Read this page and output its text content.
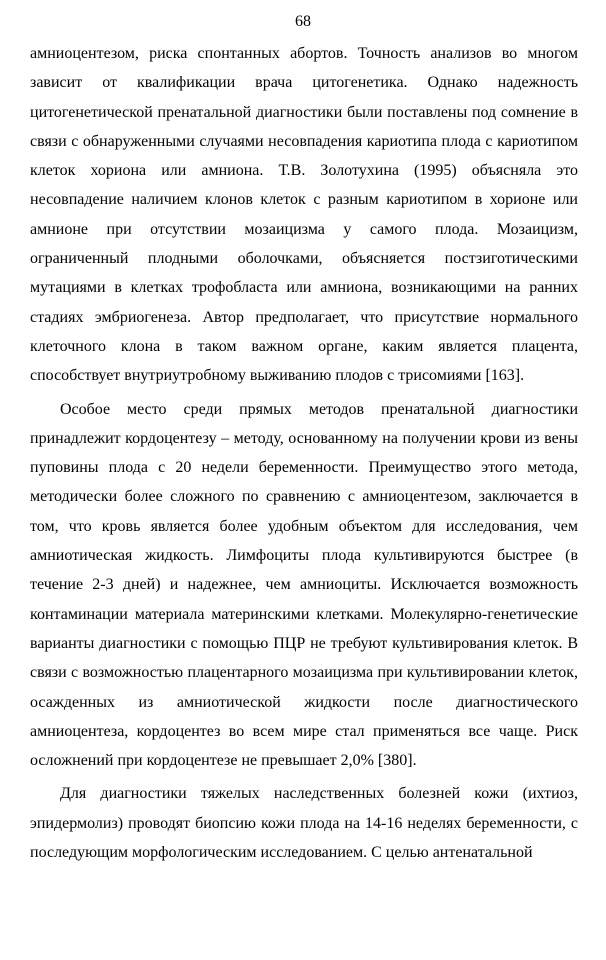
68

амниоцентезом, риска спонтанных абортов. Точность анализов во многом зависит от квалификации врача цитогенетика. Однако надежность цитогенетической пренатальной диагностики были поставлены под сомнение в связи с обнаруженными случаями несовпадения кариотипа плода с кариотипом клеток хориона или амниона. Т.В. Золотухина (1995) объясняла это несовпадение наличием клонов клеток с разным кариотипом в хорионе или амнионе при отсутствии мозаицизма у самого плода. Мозаицизм, ограниченный плодными оболочками, объясняется постзиготическими мутациями в клетках трофобласта или амниона, возникающими на ранних стадиях эмбриогенеза. Автор предполагает, что присутствие нормального клеточного клона в таком важном органе, каким является плацента, способствует внутриутробному выживанию плодов с трисомиями [163].

Особое место среди прямых методов пренатальной диагностики принадлежит кордоцентезу – методу, основанному на получении крови из вены пуповины плода с 20 недели беременности. Преимущество этого метода, методически более сложного по сравнению с амниоцентезом, заключается в том, что кровь является более удобным объектом для исследования, чем амниотическая жидкость. Лимфоциты плода культивируются быстрее (в течение 2-3 дней) и надежнее, чем амниоциты. Исключается возможность контаминации материала материнскими клетками. Молекулярно-генетические варианты диагностики с помощью ПЦР не требуют культивирования клеток. В связи с возможностью плацентарного мозаицизма при культивировании клеток, осажденных из амниотической жидкости после диагностического амниоцентеза, кордоцентез во всем мире стал применяться все чаще. Риск осложнений при кордоцентезе не превышает 2,0% [380].

Для диагностики тяжелых наследственных болезней кожи (ихтиоз, эпидермолиз) проводят биопсию кожи плода на 14-16 неделях беременности, с последующим морфологическим исследованием. С целью антенатальной
